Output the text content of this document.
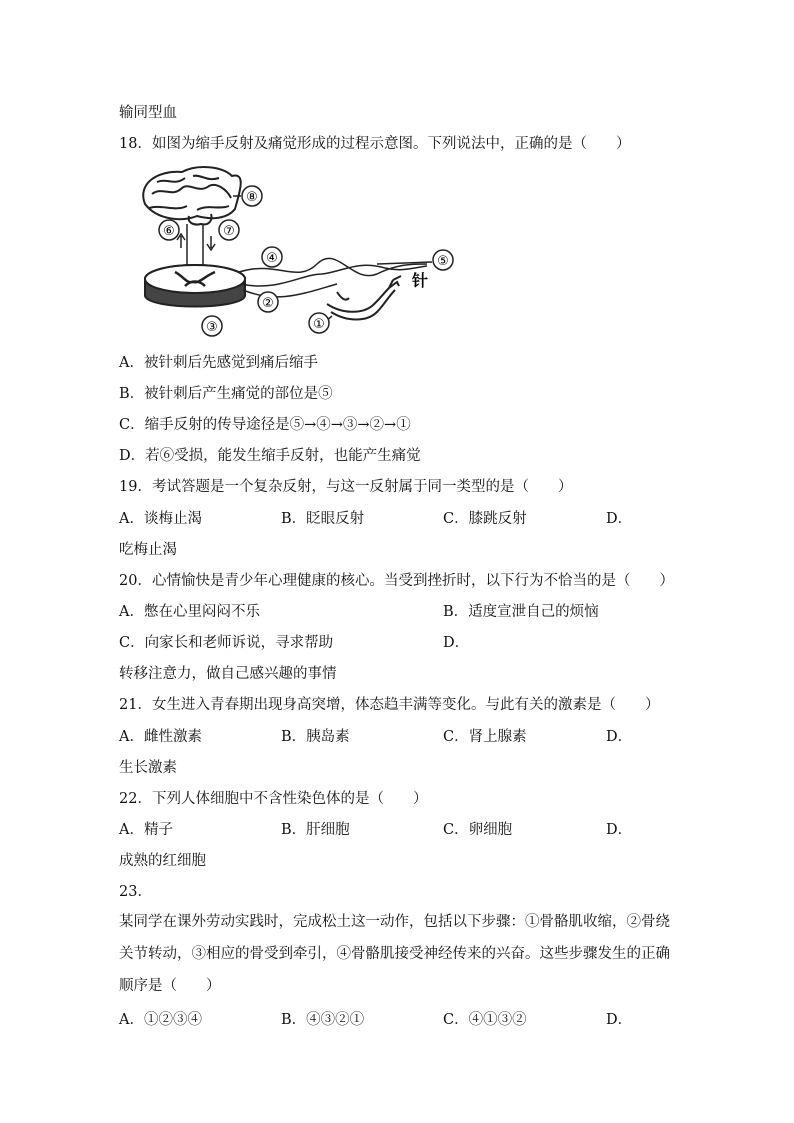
输同型血
18．如图为缩手反射及痛觉形成的过程示意图。下列说法中，正确的是（　　）
⑧
⑥	⑦
③
④
②
⑤
针
①
A．被针刺后先感觉到痛后缩手
B．被针刺后产生痛觉的部位是⑤
C．缩手反射的传导途径是⑤→④→③→②→①
D．若⑥受损，能发生缩手反射，也能产生痛觉
19．考试答题是一个复杂反射，与这一反射属于同一类型的是（　　）
A．谈梅止渴	B．眨眼反射	C．膝跳反射	D．
吃梅止渴
20．心情愉快是青少年心理健康的核心。当受到挫折时，以下行为不恰当的是（　　）
A．憋在心里闷闷不乐	B．适度宣泄自己的烦恼
C．向家长和老师诉说，寻求帮助	D．
转移注意力，做自己感兴趣的事情
21．女生进入青春期出现身高突增，体态趋丰满等变化。与此有关的激素是（　　）
A．雌性激素	B．胰岛素	C．肾上腺素	D．
生长激素
22．下列人体细胞中不含性染色体的是（　　）
A．精子	B．肝细胞	C．卵细胞	D．
成熟的红细胞
23．
某同学在课外劳动实践时，完成松土这一动作，包括以下步骤：①骨骼肌收缩，②骨绕关节转动，③相应的骨受到牵引，④骨骼肌接受神经传来的兴奋。这些步骤发生的正确顺序是（　　）
A．①②③④	B．④③②①	C．④①③②	D．
